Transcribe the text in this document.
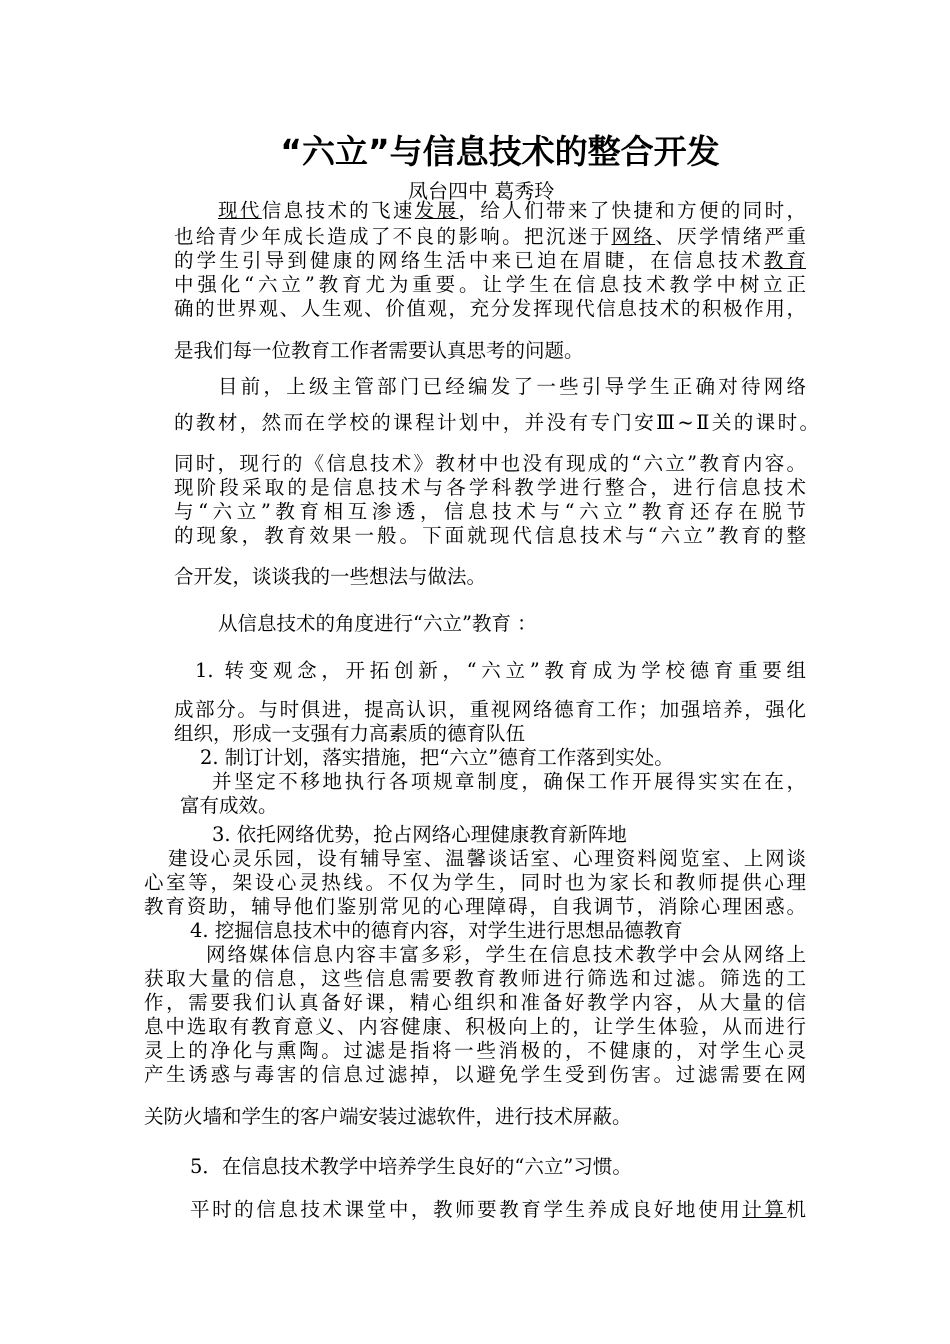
“六立”与信息技术的整合开发
凤台四中 葛秀玲
现代信息技术的飞速发展，给人们带来了快捷和方便的同时，
也给青少年成长造成了不良的影响。把沉迷于网络、厌学情绪严重
的学生引导到健康的网络生活中来已迫在眉睫，在信息技术教育
中强化“六立”教育尤为重要。让学生在信息技术教学中树立正
确的世界观、人生观、价值观，充分发挥现代信息技术的积极作用，
是我们每一位教育工作者需要认真思考的问题。
目前，上级主管部门已经编发了一些引导学生正确对待网络
的教材，然而在学校的课程计划中，并没有专门安Ⅲ~Ⅱ关的课时。
同时，现行的《信息技术》教材中也没有现成的“六立”教育内容。
现阶段采取的是信息技术与各学科教学进行整合，进行信息技术
与“六立”教育相互渗透，信息技术与“六立”教育还存在脱节
的现象，教育效果一般。下面就现代信息技术与“六立”教育的整
合开发，谈谈我的一些想法与做法。
从信息技术的角度进行“六立”教育 ：
1. 转变观念，开拓创新，“六立”教育成为学校德育重要组
成部分。与时俱进，提高认识，重视网络德育工作；加强培养，强化
组织，形成一支强有力高素质的德育队伍
2. 制订计划，落实措施，把“六立”德育工作落到实处。
并坚定不移地执行各项规章制度，确保工作开展得实实在在，
富有成效。
3. 依托网络优势，抢占网络心理健康教育新阵地
建设心灵乐园，设有辅导室、温馨谈话室、心理资料阅览室、上网谈
心室等，架设心灵热线。不仅为学生，同时也为家长和教师提供心理
教育资助，辅导他们鉴别常见的心理障碍，自我调节，消除心理困惑。
4. 挖掘信息技术中的德育内容，对学生进行思想品德教育
网络媒体信息内容丰富多彩，学生在信息技术教学中会从网络上
获取大量的信息，这些信息需要教育教师进行筛选和过滤。筛选的工
作，需要我们认真备好课，精心组织和准备好教学内容，从大量的信
息中选取有教育意义、内容健康、积极向上的，让学生体验，从而进行
灵上的净化与熏陶。过滤是指将一些消极的，不健康的，对学生心灵
产生诱惑与毒害的信息过滤掉，以避免学生受到伤害。过滤需要在网
关防火墙和学生的客户端安装过滤软件，进行技术屏蔽。
5．在信息技术教学中培养学生良好的“六立”习惯。
平时的信息技术课堂中，教师要教育学生养成良好地使用计算机
